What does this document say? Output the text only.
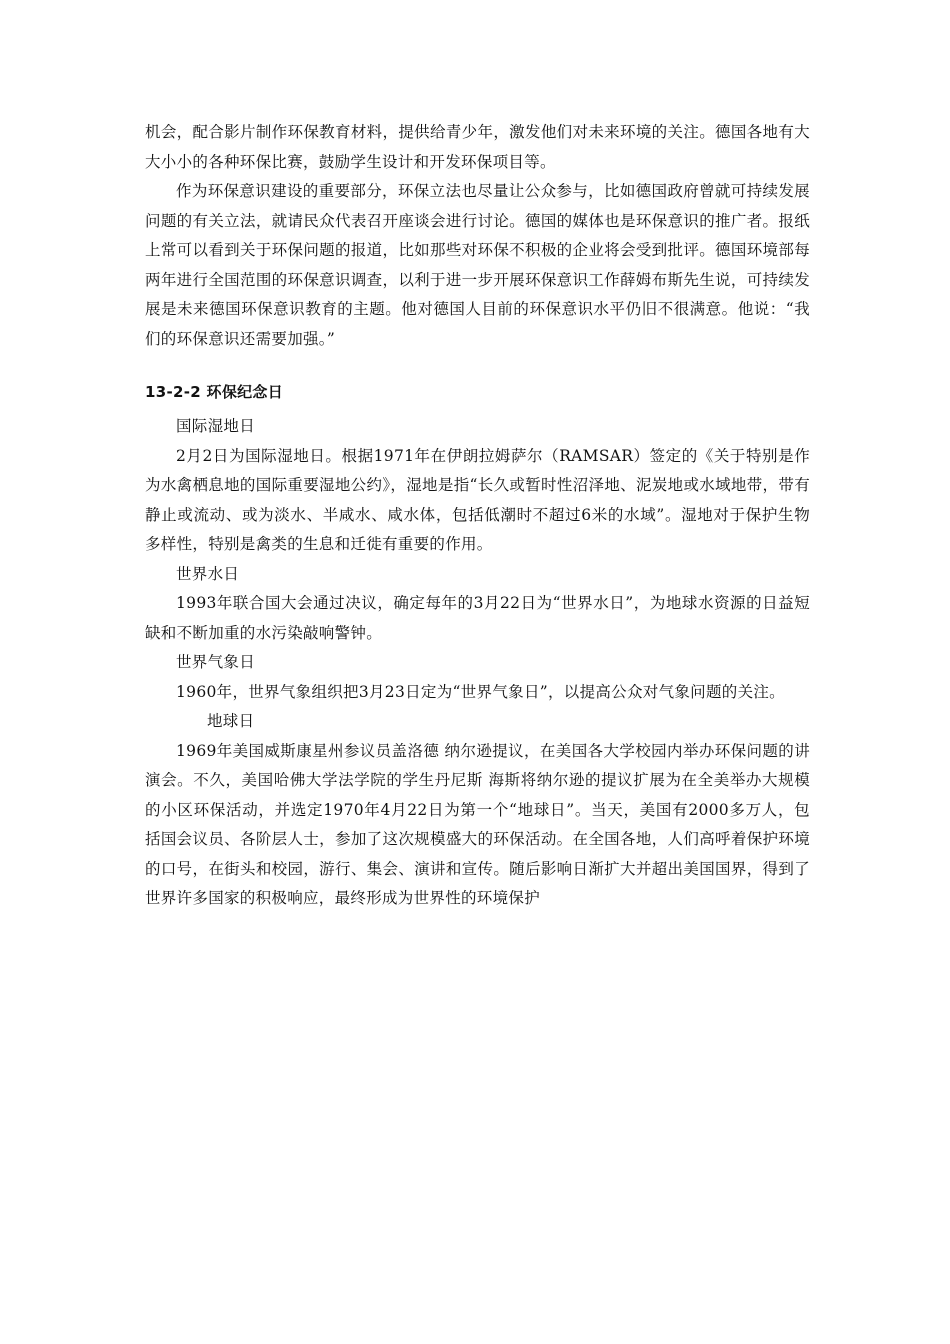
机会，配合影片制作环保教育材料，提供给青少年，激发他们对未来环境的关注。德国各地有大大小小的各种环保比赛，鼓励学生设计和开发环保项目等。

作为环保意识建设的重要部分，环保立法也尽量让公众参与，比如德国政府曾就可持续发展问题的有关立法，就请民众代表召开座谈会进行讨论。德国的媒体也是环保意识的推广者。报纸上常可以看到关于环保问题的报道，比如那些对环保不积极的企业将会受到批评。德国环境部每两年进行全国范围的环保意识调查，以利于进一步开展环保意识工作薛姆布斯先生说，可持续发展是未来德国环保意识教育的主题。他对德国人目前的环保意识水平仍旧不很满意。他说：“我们的环保意识还需要加强。”

13-2-2 环保纪念日

国际湿地日

2月2日为国际湿地日。根据1971年在伊朗拉姆萨尔（RAMSAR）签定的《关于特别是作为水禽栖息地的国际重要湿地公约》，湿地是指“长久或暂时性沼泽地、泥炭地或水域地带，带有静止或流动、或为淡水、半咸水、咸水体，包括低潮时不超过6米的水域”。湿地对于保护生物多样性，特别是禽类的生息和迁徙有重要的作用。

世界水日

1993年联合国大会通过决议，确定每年的3月22日为“世界水日”，为地球水资源的日益短缺和不断加重的水污染敲响警钟。

世界气象日

1960年，世界气象组织把3月23日定为“世界气象日”，以提高公众对气象问题的关注。

地球日

1969年美国威斯康星州参议员盖洛德 纳尔逊提议，在美国各大学校园内举办环保问题的讲演会。不久，美国哈佛大学法学院的学生丹尼斯 海斯将纳尔逊的提议扩展为在全美举办大规模的小区环保活动，并选定1970年4月22日为第一个“地球日”。当天，美国有2000多万人，包括国会议员、各阶层人士，参加了这次规模盛大的环保活动。在全国各地，人们高呼着保护环境的口号，在街头和校园，游行、集会、演讲和宣传。随后影响日渐扩大并超出美国国界，得到了世界许多国家的积极响应，最终形成为世界性的环境保护
